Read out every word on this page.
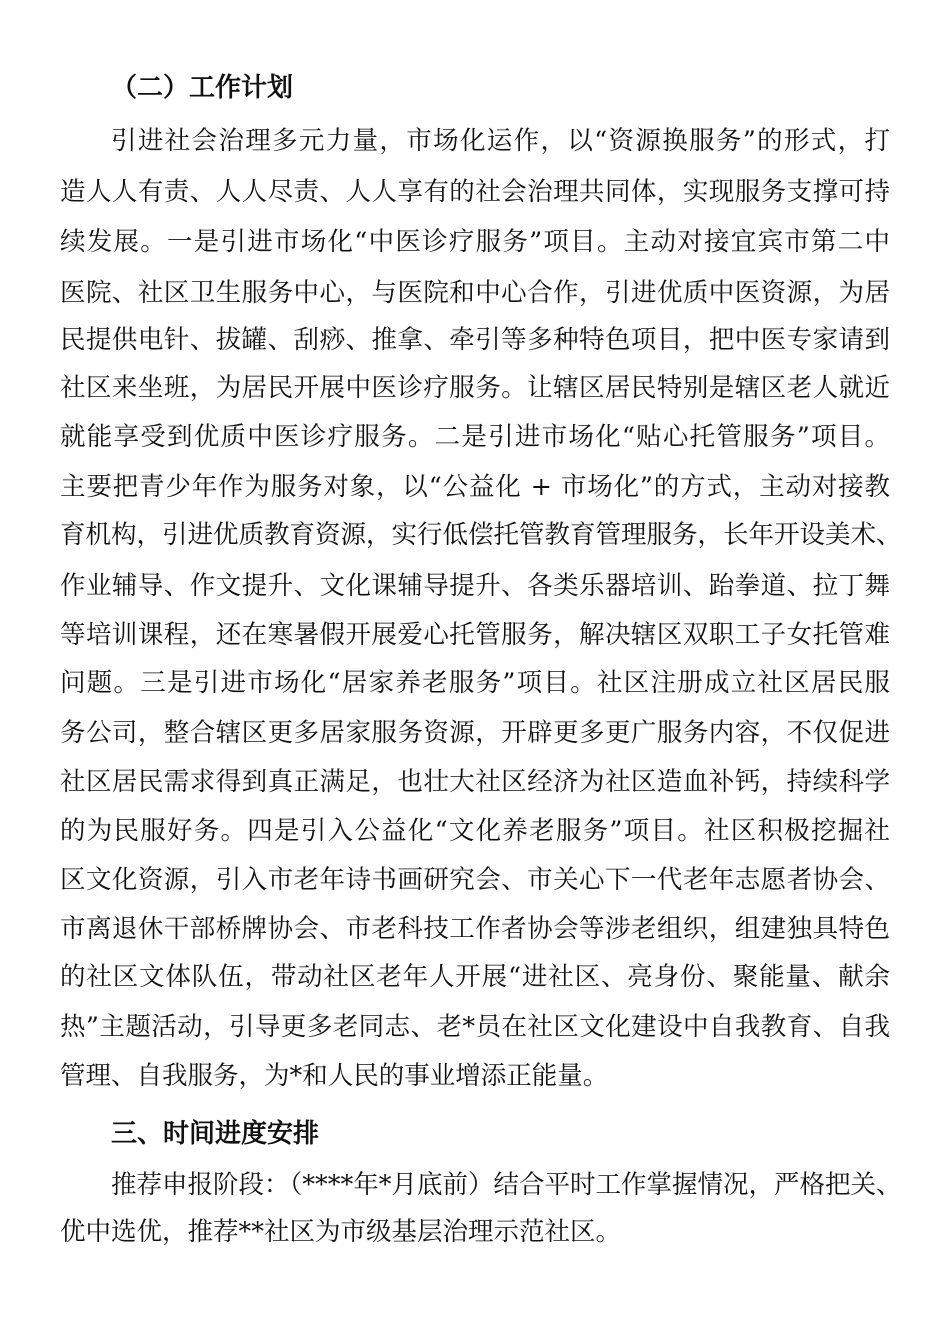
（二）工作计划
引进社会治理多元力量，市场化运作，以“资源换服务”的形式，打
造人人有责、人人尽责、人人享有的社会治理共同体，实现服务支撑可持
续发展。一是引进市场化“中医诊疗服务”项目。主动对接宜宾市第二中
医院、社区卫生服务中心，与医院和中心合作，引进优质中医资源，为居
民提供电针、拔罐、刮痧、推拿、牵引等多种特色项目，把中医专家请到
社区来坐班，为居民开展中医诊疗服务。让辖区居民特别是辖区老人就近
就能享受到优质中医诊疗服务。二是引进市场化“贴心托管服务”项目。
主要把青少年作为服务对象，以“公益化 + 市场化”的方式，主动对接教
育机构，引进优质教育资源，实行低偿托管教育管理服务，长年开设美术、
作业辅导、作文提升、文化课辅导提升、各类乐器培训、跆拳道、拉丁舞
等培训课程，还在寒暑假开展爱心托管服务，解决辖区双职工子女托管难
问题。三是引进市场化“居家养老服务”项目。社区注册成立社区居民服
务公司，整合辖区更多居家服务资源，开辟更多更广服务内容，不仅促进
社区居民需求得到真正满足，也壮大社区经济为社区造血补钙，持续科学
的为民服好务。四是引入公益化“文化养老服务”项目。社区积极挖掘社
区文化资源，引入市老年诗书画研究会、市关心下一代老年志愿者协会、
市离退休干部桥牌协会、市老科技工作者协会等涉老组织，组建独具特色
的社区文体队伍，带动社区老年人开展“进社区、亮身份、聚能量、献余
热”主题活动，引导更多老同志、老*员在社区文化建设中自我教育、自我
管理、自我服务，为*和人民的事业增添正能量。
三、时间进度安排
推荐申报阶段：（****年*月底前）结合平时工作掌握情况，严格把关、
优中选优，推荐**社区为市级基层治理示范社区。
